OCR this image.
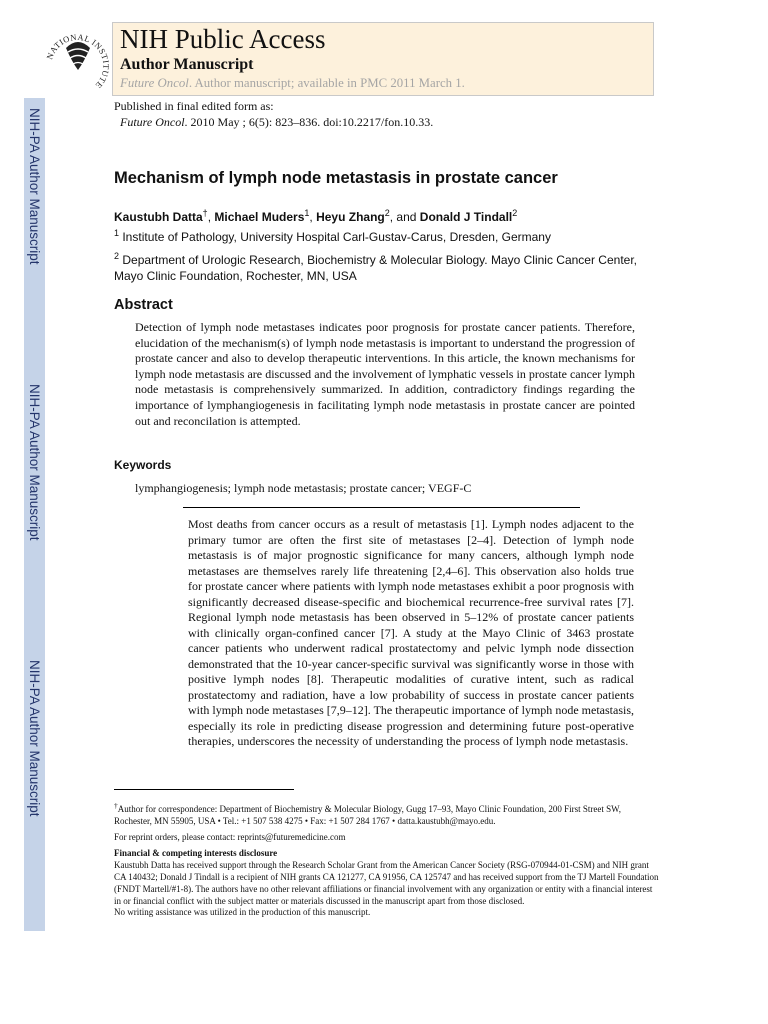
NATIONAL INSTITUTE
NIH Public Access
Author Manuscript
Future Oncol. Author manuscript; available in PMC 2011 March 1.
Published in final edited form as:
Future Oncol. 2010 May ; 6(5): 823–836. doi:10.2217/fon.10.33.
NIH-PA Author Manuscript
NIH-PA Author Manuscript
NIH-PA Author Manuscript
Mechanism of lymph node metastasis in prostate cancer
Kaustubh Datta†, Michael Muders$^1$, Heyu Zhang$^2$, and Donald J Tindall$^2$
$^1$ Institute of Pathology, University Hospital Carl-Gustav-Carus, Dresden, Germany
$^2$ Department of Urologic Research, Biochemistry & Molecular Biology. Mayo Clinic Cancer Center, Mayo Clinic Foundation, Rochester, MN, USA
Abstract
Detection of lymph node metastases indicates poor prognosis for prostate cancer patients. Therefore, elucidation of the mechanism(s) of lymph node metastasis is important to understand the progression of prostate cancer and also to develop therapeutic interventions. In this article, the known mechanisms for lymph node metastasis are discussed and the involvement of lymphatic vessels in prostate cancer lymph node metastasis is comprehensively summarized. In addition, contradictory findings regarding the importance of lymphangiogenesis in facilitating lymph node metastasis in prostate cancer are pointed out and reconcilation is attempted.
Keywords
lymphangiogenesis; lymph node metastasis; prostate cancer; VEGF-C
Most deaths from cancer occurs as a result of metastasis [1]. Lymph nodes adjacent to the primary tumor are often the first site of metastases [2–4]. Detection of lymph node metastasis is of major prognostic significance for many cancers, although lymph node metastases are themselves rarely life threatening [2,4–6]. This observation also holds true for prostate cancer where patients with lymph node metastases exhibit a poor prognosis with significantly decreased disease-specific and biochemical recurrence-free survival rates [7]. Regional lymph node metastasis has been observed in 5–12% of prostate cancer patients with clinically organ-confined cancer [7]. A study at the Mayo Clinic of 3463 prostate cancer patients who underwent radical prostatectomy and pelvic lymph node dissection demonstrated that the 10-year cancer-specific survival was significantly worse in those with positive lymph nodes [8]. Therapeutic modalities of curative intent, such as radical prostatectomy and radiation, have a low probability of success in prostate cancer patients with lymph node metastases [7,9–12]. The therapeutic importance of lymph node metastasis, especially its role in predicting disease progression and determining future post-operative therapies, underscores the necessity of understanding the process of lymph node metastasis.

†Author for correspondence: Department of Biochemistry & Molecular Biology, Gugg 17–93, Mayo Clinic Foundation, 200 First Street SW, Rochester, MN 55905, USA • Tel.: +1 507 538 4275 • Fax: +1 507 284 1767 • datta.kaustubh@mayo.edu.

For reprint orders, please contact: reprints@futuremedicine.com

Financial & competing interests disclosure

Kaustubh Datta has received support through the Research Scholar Grant from the American Cancer Society (RSG-070944-01-CSM) and NIH grant CA 140432; Donald J Tindall is a recipient of NIH grants CA 121277, CA 91956, CA 125747 and has received support from the TJ Martell Foundation (FNDT Martell/#1-8). The authors have no other relevant affiliations or financial involvement with any organization or entity with a financial interest in or financial conflict with the subject matter or materials discussed in the manuscript apart from those disclosed.

No writing assistance was utilized in the production of this manuscript.
